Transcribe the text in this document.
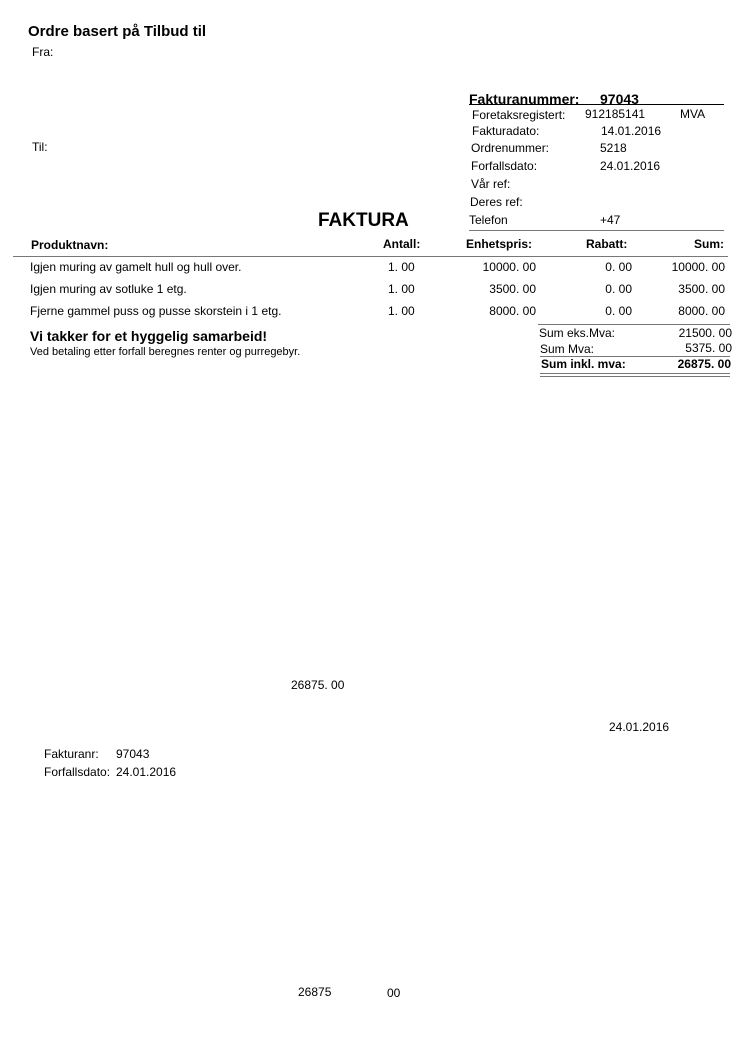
Ordre basert på Tilbud til
Fra:
Til:
Fakturanummer: 97043
Foretaksregistert: 912185141	MVA
Fakturadato:	14.01.2016
Ordrenummer:	5218
Forfallsdato:	24.01.2016
Vår ref:
Deres ref:
FAKTURA	Telefon	+47
Produktnavn:	Antall:	Enhetspris:	Rabatt:	Sum:
Igjen muring av gamelt hull og hull over.	1. 00	10000. 00	0. 00	10000. 00
Igjen muring av sotluke 1 etg.	1. 00	3500. 00	0. 00	3500. 00
Fjerne gammel puss og pusse skorstein i 1 etg.	1. 00	8000. 00	0. 00	8000. 00
Vi takker for et hyggelig samarbeid!
Ved betaling etter forfall beregnes renter og purregebyr.
Sum eks.Mva:	21500. 00
Sum Mva:	5375. 00
Sum inkl. mva:	26875. 00
26875. 00
24.01.2016
Fakturanr: 97043
Forfallsdato: 24.01.2016
26875	00
